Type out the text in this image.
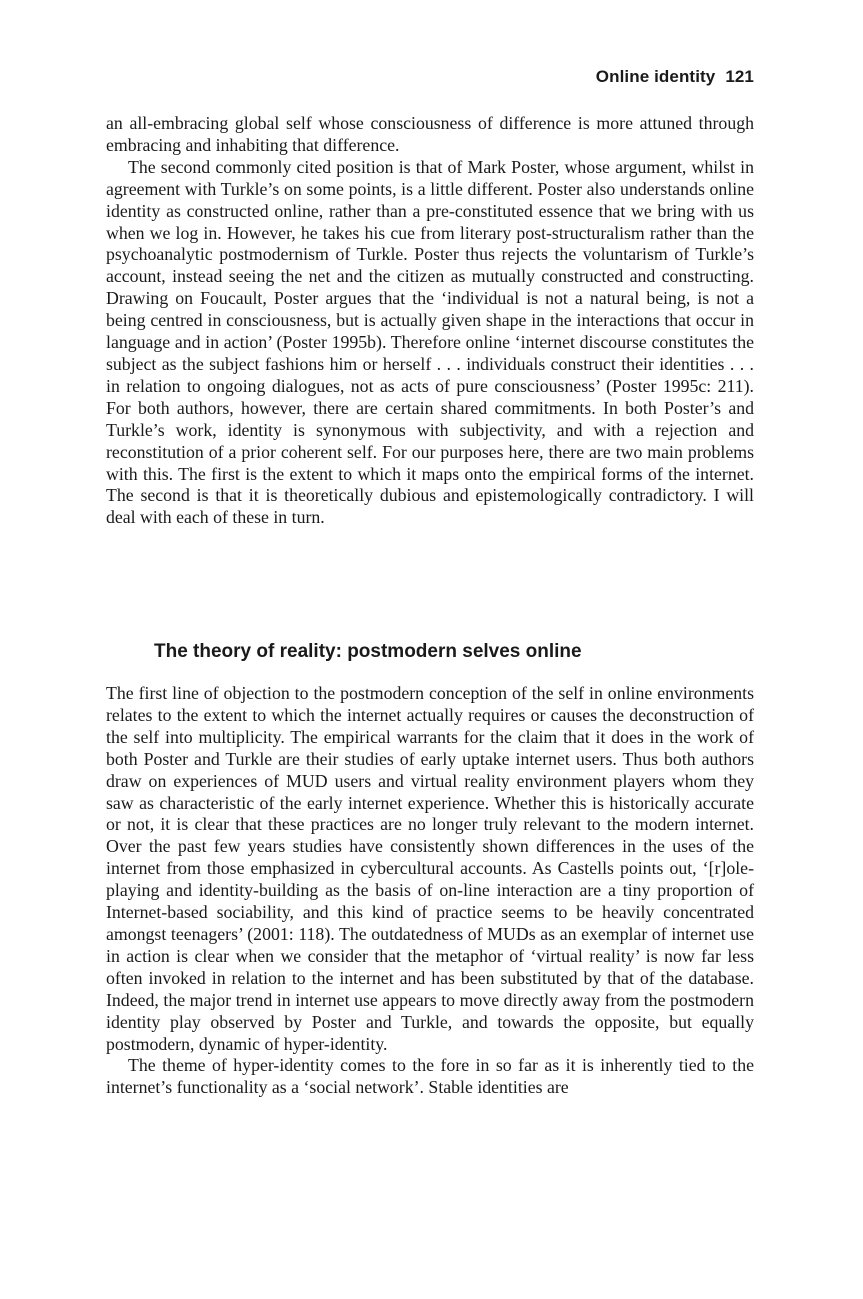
Online identity 121

an all-embracing global self whose consciousness of difference is more attuned through embracing and inhabiting that difference.

The second commonly cited position is that of Mark Poster, whose argument, whilst in agreement with Turkle’s on some points, is a little different. Poster also understands online identity as constructed online, rather than a pre-constituted essence that we bring with us when we log in. However, he takes his cue from literary post-structuralism rather than the psychoanalytic postmodernism of Turkle. Poster thus rejects the voluntarism of Turkle’s account, instead seeing the net and the citizen as mutually constructed and constructing. Drawing on Foucault, Poster argues that the ‘individual is not a natural being, is not a being centred in consciousness, but is actually given shape in the interactions that occur in language and in action’ (Poster 1995b). Therefore online ‘internet discourse constitutes the subject as the subject fashions him or herself . . . individuals construct their identities . . . in relation to ongoing dialogues, not as acts of pure consciousness’ (Poster 1995c: 211). For both authors, however, there are certain shared commitments. In both Poster’s and Turkle’s work, identity is synonymous with subjectivity, and with a rejection and reconstitution of a prior coherent self. For our purposes here, there are two main problems with this. The first is the extent to which it maps onto the empirical forms of the internet. The second is that it is theoretically dubious and epistemologically contradictory. I will deal with each of these in turn.

The theory of reality: postmodern selves online

The first line of objection to the postmodern conception of the self in online environments relates to the extent to which the internet actually requires or causes the deconstruction of the self into multiplicity. The empirical warrants for the claim that it does in the work of both Poster and Turkle are their studies of early uptake internet users. Thus both authors draw on experiences of MUD users and virtual reality environment players whom they saw as characteristic of the early internet experience. Whether this is historically accurate or not, it is clear that these practices are no longer truly relevant to the modern internet. Over the past few years studies have consistently shown differences in the uses of the internet from those emphasized in cybercultural accounts. As Castells points out, ‘[r]ole-playing and identity-building as the basis of on-line interaction are a tiny proportion of Internet-based sociability, and this kind of practice seems to be heavily concentrated amongst teenagers’ (2001: 118). The outdatedness of MUDs as an exemplar of internet use in action is clear when we consider that the metaphor of ‘virtual reality’ is now far less often invoked in relation to the internet and has been substituted by that of the database. Indeed, the major trend in internet use appears to move directly away from the postmodern identity play observed by Poster and Turkle, and towards the opposite, but equally postmodern, dynamic of hyper-identity.

The theme of hyper-identity comes to the fore in so far as it is inherently tied to the internet’s functionality as a ‘social network’. Stable identities are
